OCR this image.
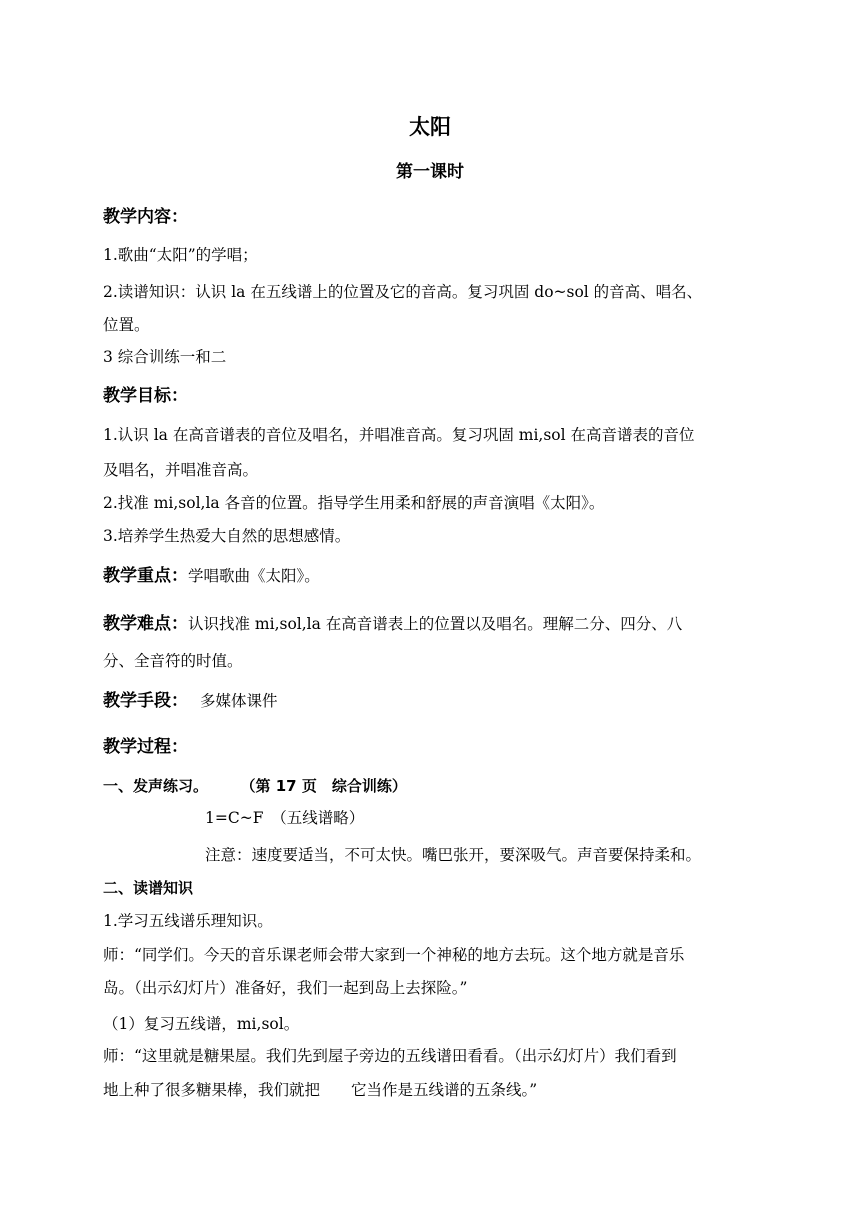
太阳
第一课时
教学内容：
1.歌曲“太阳”的学唱；
2.读谱知识：认识 la 在五线谱上的位置及它的音高。复习巩固 do~sol 的音高、唱名、
位置。
3 综合训练一和二
教学目标：
1.认识 la 在高音谱表的音位及唱名，并唱准音高。复习巩固 mi,sol 在高音谱表的音位
及唱名，并唱准音高。
2.找准 mi,sol,la 各音的位置。指导学生用柔和舒展的声音演唱《太阳》。
3.培养学生热爱大自然的思想感情。
教学重点：学唱歌曲《太阳》。
教学难点：认识找准 mi,sol,la 在高音谱表上的位置以及唱名。理解二分、四分、八
分、全音符的时值。
教学手段： 多媒体课件
教学过程：
一、发声练习。	（第 17 页　综合训练）
1=C~F　（五线谱略）
注意：速度要适当，不可太快。嘴巴张开，要深吸气。声音要保持柔和。
二、读谱知识
1.学习五线谱乐理知识。
师：“同学们。今天的音乐课老师会带大家到一个神秘的地方去玩。这个地方就是音乐
岛。（出示幻灯片）准备好，我们一起到岛上去探险。”
（1）复习五线谱，mi,sol。
师：“这里就是糖果屋。我们先到屋子旁边的五线谱田看看。（出示幻灯片）我们看到
地上种了很多糖果棒，我们就把　　它当作是五线谱的五条线。”
